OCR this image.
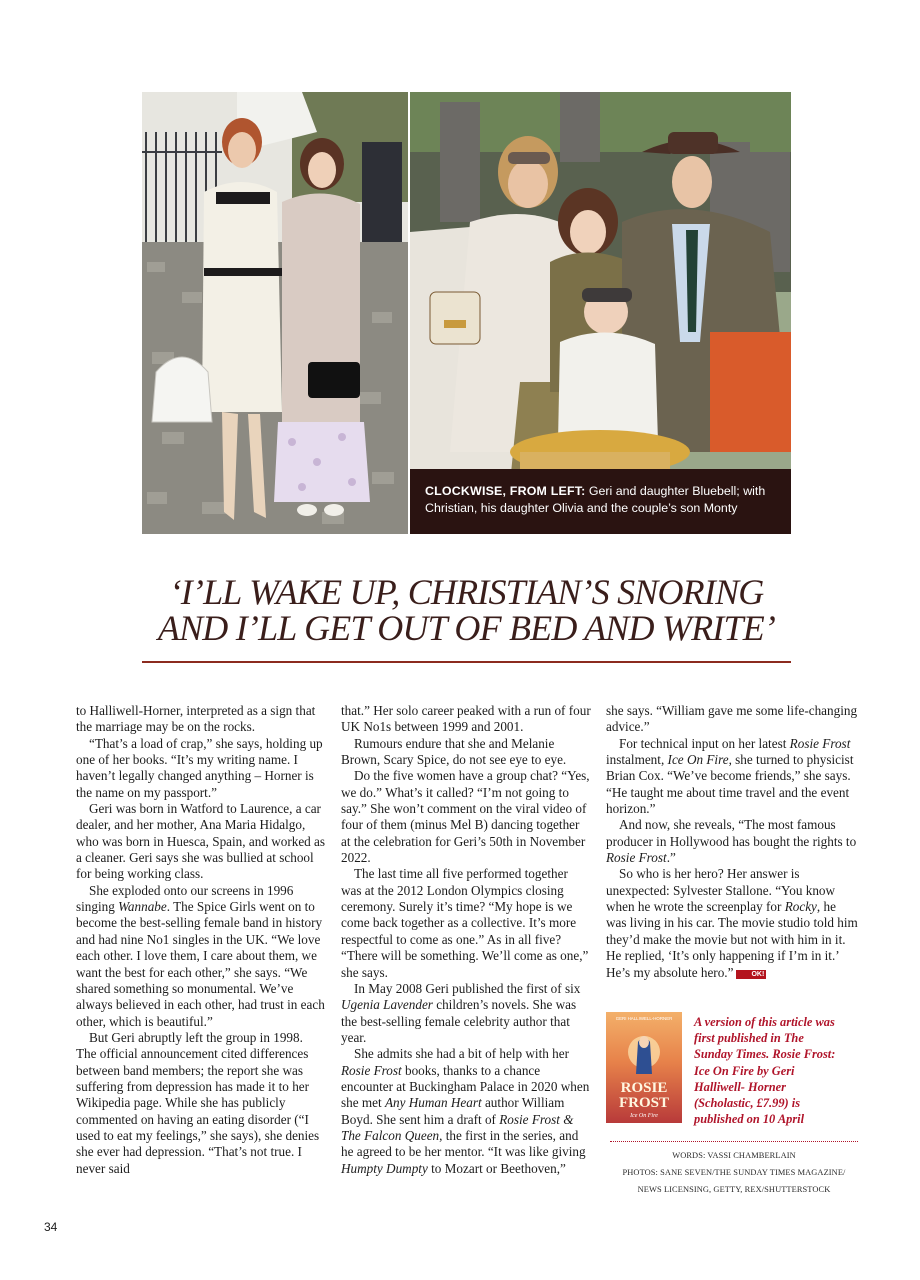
CLOCKWISE, FROM LEFT: Geri and daughter Bluebell; with Christian, his daughter Olivia and the couple’s son Monty
‘I’LL WAKE UP, CHRISTIAN’S SNORING
AND I’LL GET OUT OF BED AND WRITE’

to Halliwell-Horner, interpreted as a sign that the marriage may be on the rocks.

“That’s a load of crap,” she says, holding up one of her books. “It’s my writing name. I haven’t legally changed anything – Horner is the name on my passport.”

Geri was born in Watford to Laurence, a car dealer, and her mother, Ana Maria Hidalgo, who was born in Huesca, Spain, and worked as a cleaner. Geri says she was bullied at school for being working class.

She exploded onto our screens in 1996 singing Wannabe. The Spice Girls went on to become the best-selling female band in history and had nine No1 singles in the UK. “We love each other. I love them, I care about them, we want the best for each other,” she says. “We shared something so monumental. We’ve always believed in each other, had trust in each other, which is beautiful.”

But Geri abruptly left the group in 1998. The official announcement cited differences between band members; the report she was suffering from depression has made it to her Wikipedia page. While she has publicly commented on having an eating disorder (“I used to eat my feelings,” she says), she denies she ever had depression. “That’s not true. I never said

that.” Her solo career peaked with a run of four UK No1s between 1999 and 2001.

Rumours endure that she and Melanie Brown, Scary Spice, do not see eye to eye.

Do the five women have a group chat? “Yes, we do.” What’s it called? “I’m not going to say.” She won’t comment on the viral video of four of them (minus Mel B) dancing together at the celebration for Geri’s 50th in November 2022.

The last time all five performed together was at the 2012 London Olympics closing ceremony. Surely it’s time? “My hope is we come back together as a collective. It’s more respectful to come as one.” As in all five? “There will be something. We’ll come as one,” she says.

In May 2008 Geri published the first of six Ugenia Lavender children’s novels. She was the best-selling female celebrity author that year.

She admits she had a bit of help with her Rosie Frost books, thanks to a chance encounter at Buckingham Palace in 2020 when she met Any Human Heart author William Boyd. She sent him a draft of Rosie Frost & The Falcon Queen, the first in the series, and he agreed to be her mentor. “It was like giving Humpty Dumpty to Mozart or Beethoven,”

she says. “William gave me some life-changing advice.”

For technical input on her latest Rosie Frost instalment, Ice On Fire, she turned to physicist Brian Cox. “We’ve become friends,” she says. “He taught me about time travel and the event horizon.”

And now, she reveals, “The most famous producer in Hollywood has bought the rights to Rosie Frost.”

So who is her hero? Her answer is unexpected: Sylvester Stallone. “You know when he wrote the screenplay for Rocky, he was living in his car. The movie studio told him they’d make the movie but not with him in it. He replied, ‘It’s only happening if I’m in it.’ He’s my absolute hero.”	OK!

GERI HALLIWELL-HORNER
ROSIE
FROST
Ice On Fire
A version of this article was first published in The Sunday Times. Rosie Frost: Ice On Fire by Geri Halliwell- Horner (Scholastic, £7.99) is published on 10 April
WORDS: VASSI CHAMBERLAIN
PHOTOS: SANE SEVEN/THE SUNDAY TIMES MAGAZINE/
NEWS LICENSING, GETTY, REX/SHUTTERSTOCK
34
